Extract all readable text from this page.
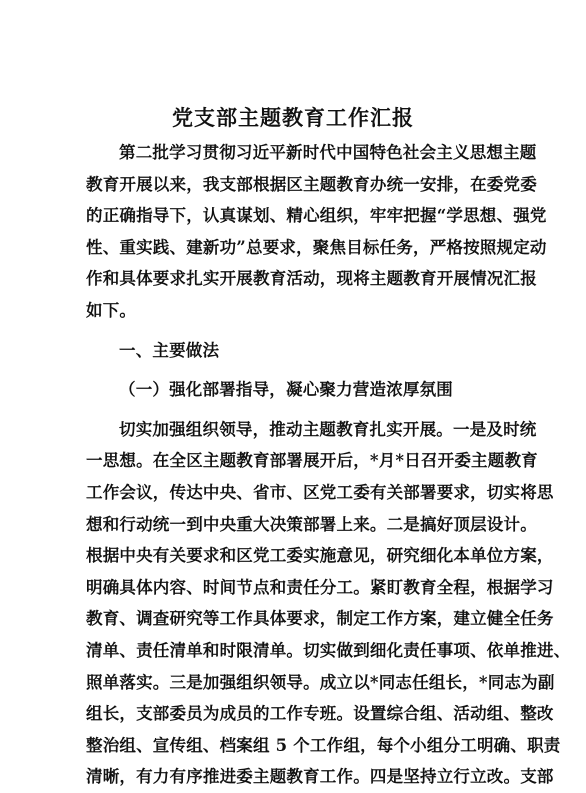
党支部主题教育工作汇报
第二批学习贯彻习近平新时代中国特色社会主义思想主题
教育开展以来，我支部根据区主题教育办统一安排，在委党委
的正确指导下，认真谋划、精心组织，牢牢把握“学思想、强党
性、重实践、建新功”总要求，聚焦目标任务，严格按照规定动
作和具体要求扎实开展教育活动，现将主题教育开展情况汇报
如下。
一、主要做法
（一）强化部署指导，凝心聚力营造浓厚氛围
切实加强组织领导，推动主题教育扎实开展。一是及时统
一思想。在全区主题教育部署展开后，*月*日召开委主题教育
工作会议，传达中央、省市、区党工委有关部署要求，切实将思
想和行动统一到中央重大决策部署上来。二是搞好顶层设计。
根据中央有关要求和区党工委实施意见，研究细化本单位方案，
明确具体内容、时间节点和责任分工。紧盯教育全程，根据学习
教育、调查研究等工作具体要求，制定工作方案，建立健全任务
清单、责任清单和时限清单。切实做到细化责任事项、依单推进、
照单落实。三是加强组织领导。成立以*同志任组长，*同志为副
组长，支部委员为成员的工作专班。设置综合组、活动组、整改
整治组、宣传组、档案组 5 个工作组，每个小组分工明确、职责
清晰，有力有序推进委主题教育工作。四是坚持立行立改。支部
